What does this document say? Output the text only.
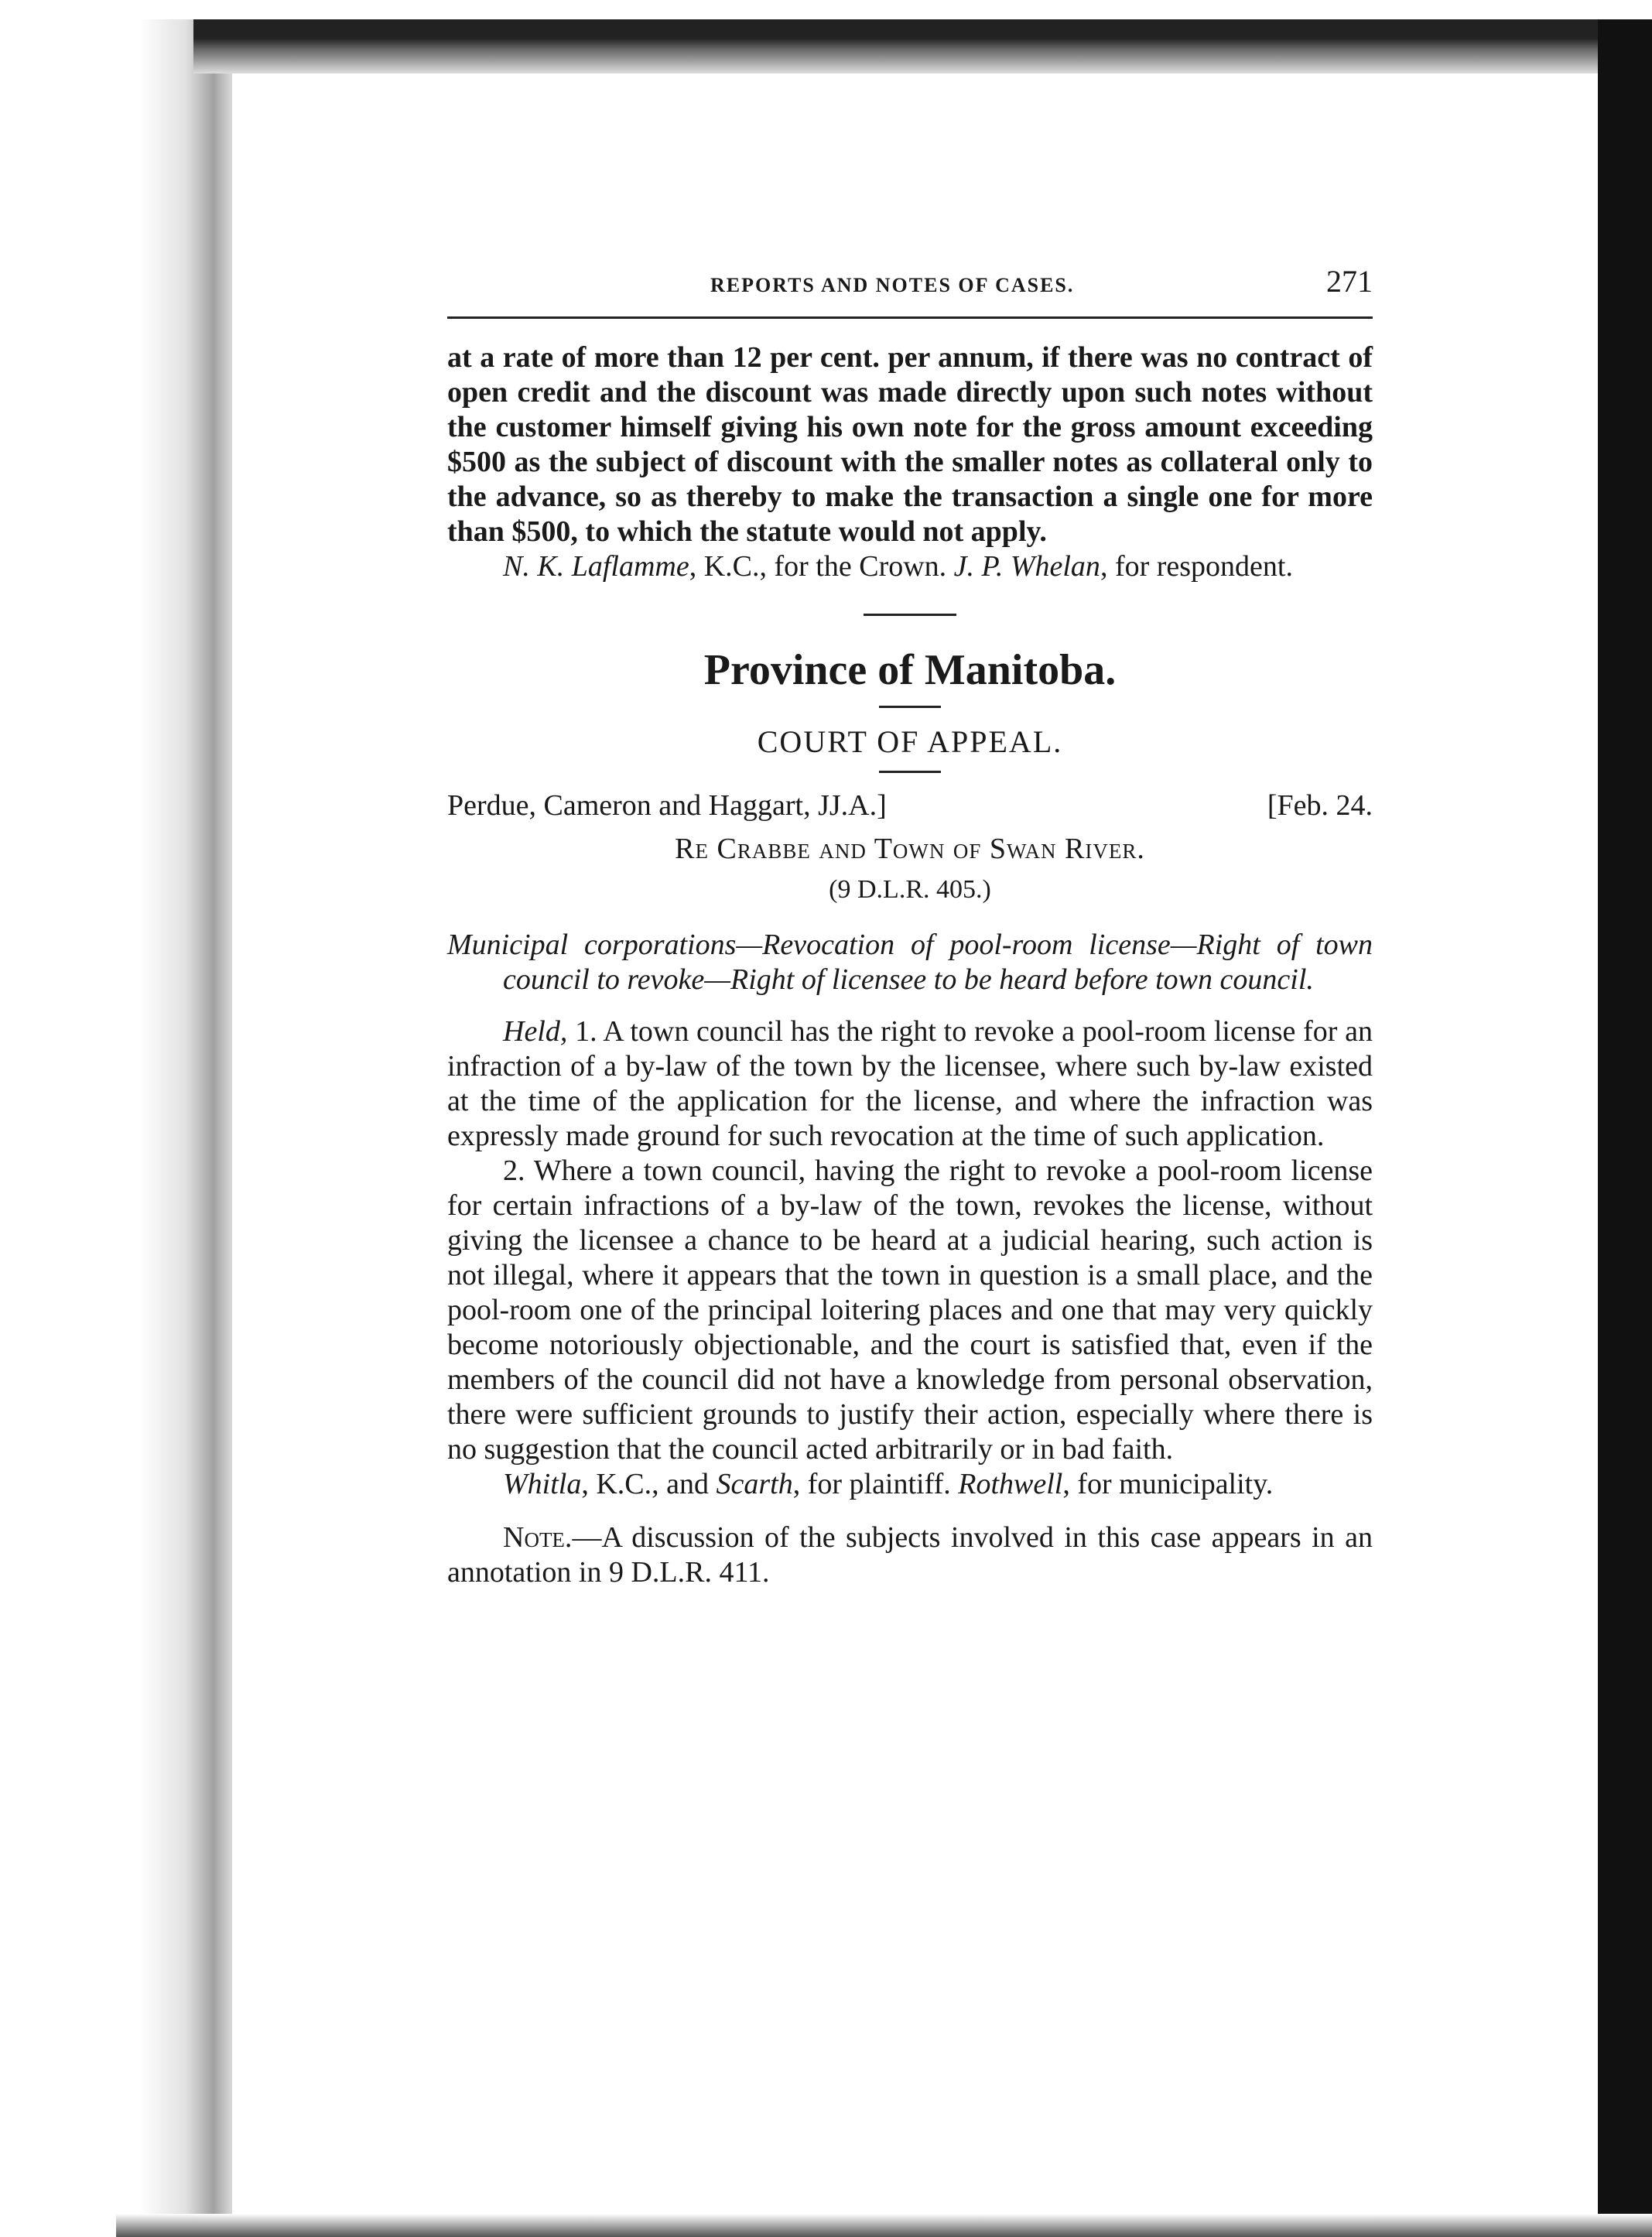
REPORTS AND NOTES OF CASES.	271

at a rate of more than 12 per cent. per annum, if there was no contract of open credit and the discount was made directly upon such notes without the customer himself giving his own note for the gross amount exceeding $500 as the subject of discount with the smaller notes as collateral only to the advance, so as thereby to make the transaction a single one for more than $500, to which the statute would not apply.

N. K. Laflamme, K.C., for the Crown. J. P. Whelan, for respondent.

Province of Manitoba.
COURT OF APPEAL.
Perdue, Cameron and Haggart, JJ.A.]	[Feb. 24.
Re Crabbe and Town of Swan River.
(9 D.L.R. 405.)

Municipal corporations—Revocation of pool-room license—Right of town council to revoke—Right of licensee to be heard before town council.

Held, 1. A town council has the right to revoke a pool-room license for an infraction of a by-law of the town by the licensee, where such by-law existed at the time of the application for the license, and where the infraction was expressly made ground for such revocation at the time of such application.

2. Where a town council, having the right to revoke a pool-room license for certain infractions of a by-law of the town, revokes the license, without giving the licensee a chance to be heard at a judicial hearing, such action is not illegal, where it appears that the town in question is a small place, and the pool-room one of the principal loitering places and one that may very quickly become notoriously objectionable, and the court is satisfied that, even if the members of the council did not have a knowledge from personal observation, there were sufficient grounds to justify their action, especially where there is no suggestion that the council acted arbitrarily or in bad faith.

Whitla, K.C., and Scarth, for plaintiff. Rothwell, for municipality.

Note.—A discussion of the subjects involved in this case appears in an annotation in 9 D.L.R. 411.
